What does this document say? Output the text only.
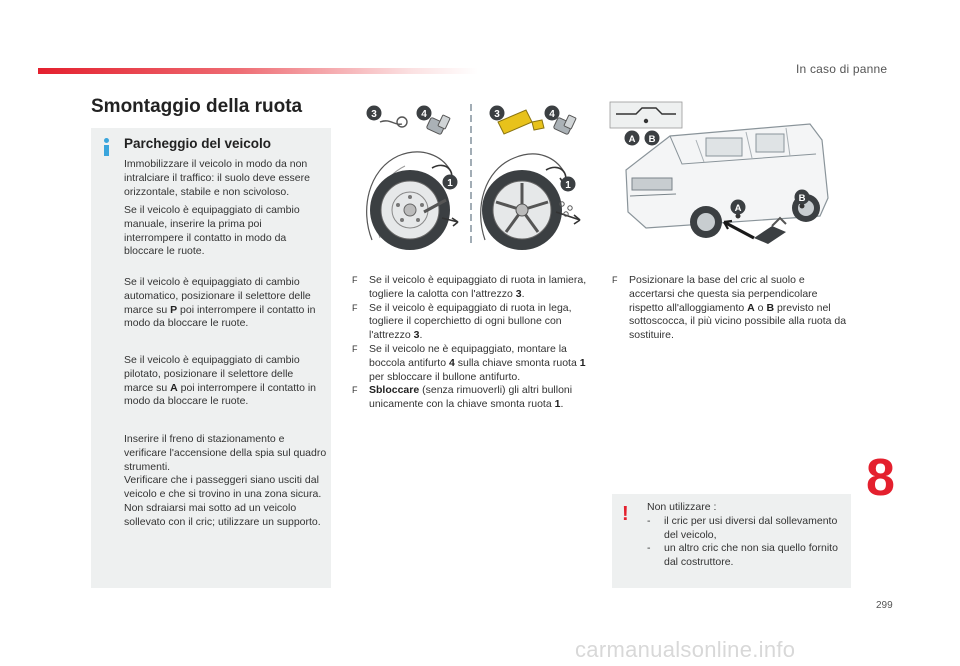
In caso di panne
Smontaggio della ruota
Parcheggio del veicolo
Immobilizzare il veicolo in modo da non intralciare il traffico: il suolo deve essere orizzontale, stabile e non scivoloso.
Se il veicolo è equipaggiato di cambio manuale, inserire la prima poi interrompere il contatto in modo da bloccare le ruote.
Se il veicolo è equipaggiato di cambio automatico, posizionare il selettore delle marce su P poi interrompere il contatto in modo da bloccare le ruote.
Se il veicolo è equipaggiato di cambio pilotato, posizionare il selettore delle marce su A poi interrompere il contatto in modo da bloccare le ruote.
Inserire il freno di stazionamento e verificare l'accensione della spia sul quadro strumenti.
Verificare che i passeggeri siano usciti dal veicolo e che si trovino in una zona sicura.
Non sdraiarsi mai sotto ad un veicolo sollevato con il cric; utilizzare un supporto.
3	4
1
3	4
1
A B
A
B

F Se il veicolo è equipaggiato di ruota in lamiera, togliere la calotta con l'attrezzo 3.

F Se il veicolo è equipaggiato di ruota in lega, togliere il coperchietto di ogni bullone con l'attrezzo 3.

F Se il veicolo ne è equipaggiato, montare la boccola antifurto 4 sulla chiave smonta ruota 1 per sbloccare il bullone antifurto.

F Sbloccare (senza rimuoverli) gli altri bulloni unicamente con la chiave smonta ruota 1.

F Posizionare la base del cric al suolo e accertarsi che questa sia perpendicolare rispetto all'alloggiamento A o B previsto nel sottoscocca, il più vicino possibile alla ruota da sostituire.

! Non utilizzare :
- il cric per usi diversi dal sollevamento del veicolo,
- un altro cric che non sia quello fornito dal costruttore.
8
299
carmanualsonline.info
